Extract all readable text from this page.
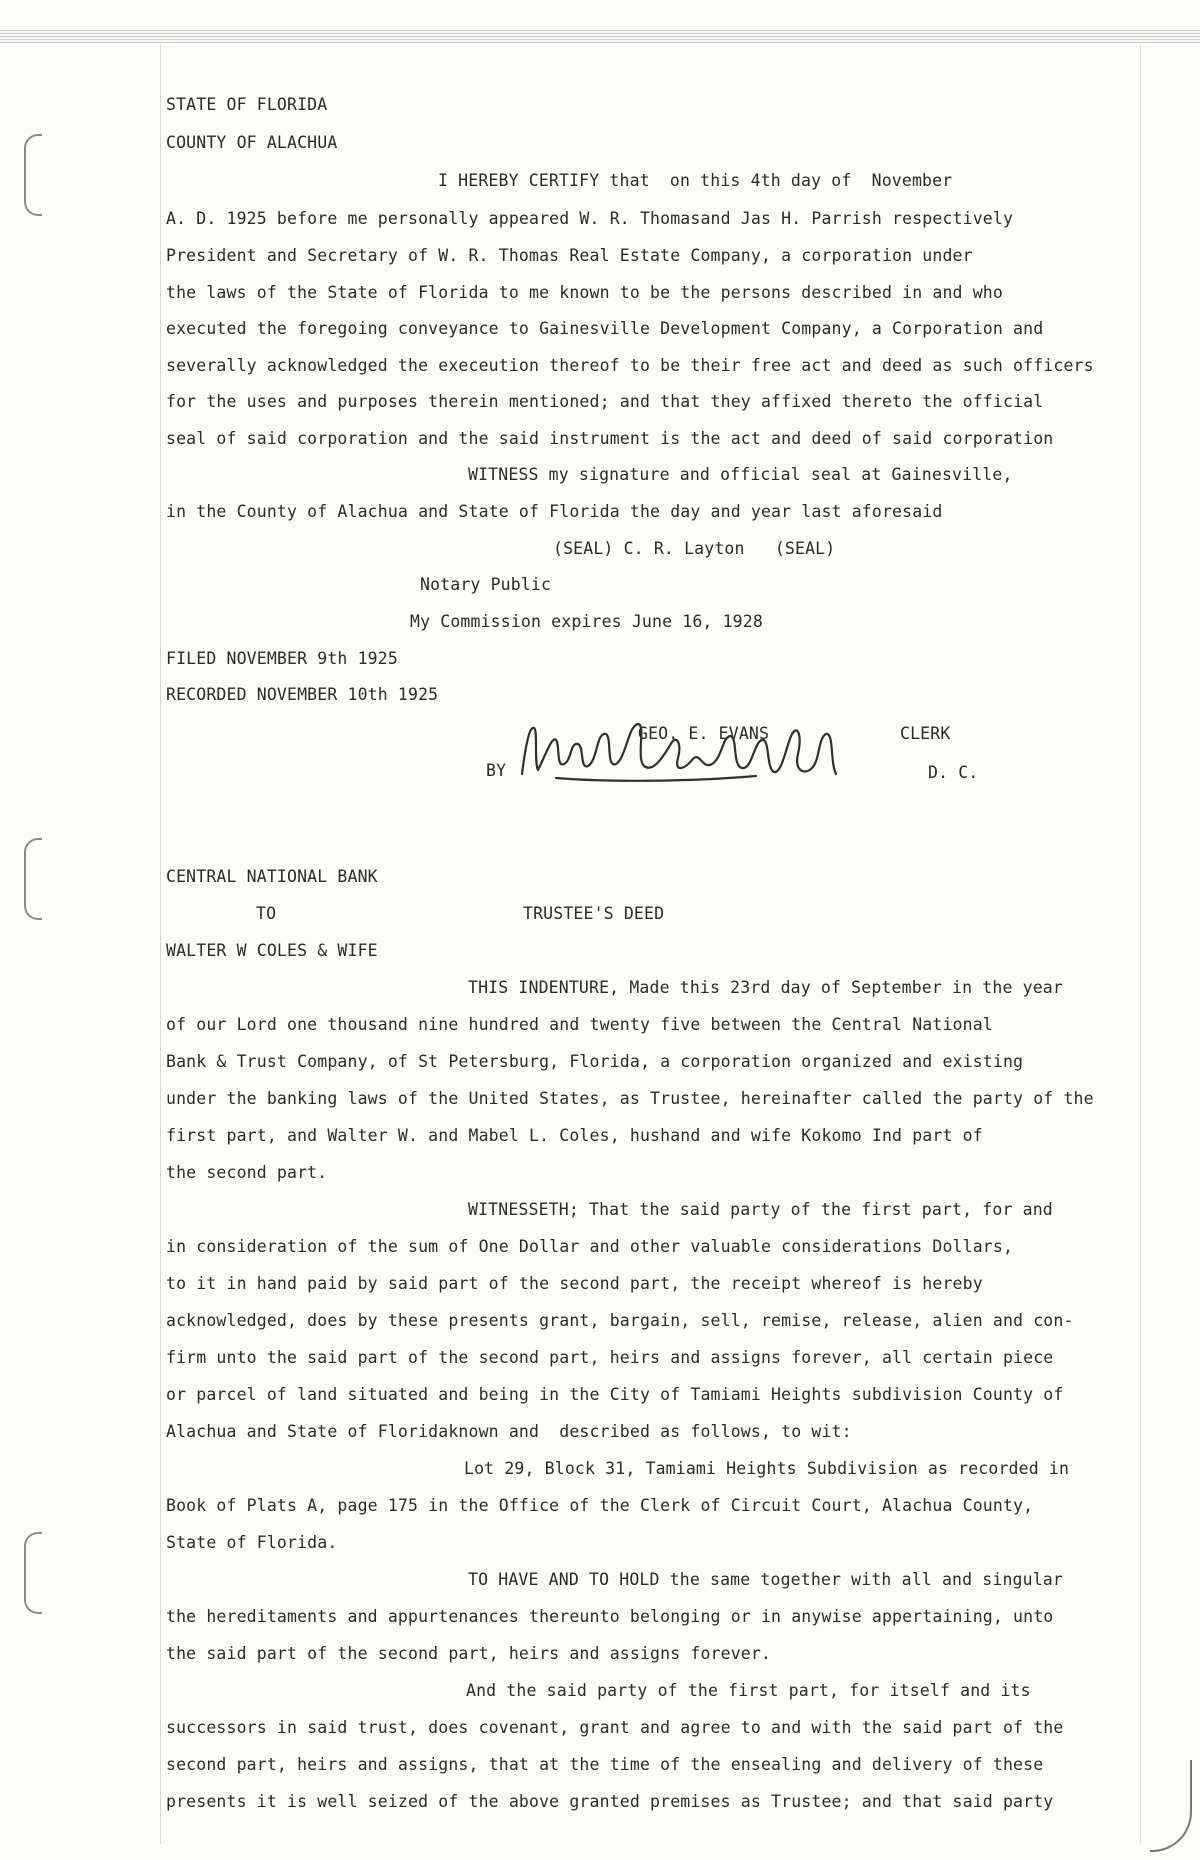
STATE OF FLORIDA
COUNTY OF ALACHUA
I HEREBY CERTIFY that  on this 4th day of  November
A. D. 1925 before me personally appeared W. R. Thomasand Jas H. Parrish respectively
President and Secretary of W. R. Thomas Real Estate Company, a corporation under
the laws of the State of Florida to me known to be the persons described in and who
executed the foregoing conveyance to Gainesville Development Company, a Corporation and
severally acknowledged the execeution thereof to be their free act and deed as such officers
for the uses and purposes therein mentioned; and that they affixed thereto the official
seal of said corporation and the said instrument is the act and deed of said corporation
WITNESS my signature and official seal at Gainesville,
in the County of Alachua and State of Florida the day and year last aforesaid
(SEAL) C. R. Layton   (SEAL)
Notary Public
My Commission expires June 16, 1928
FILED NOVEMBER 9th 1925
RECORDED NOVEMBER 10th 1925
GEO. E. EVANS	CLERK
BY	D. C.
CENTRAL NATIONAL BANK
TO	TRUSTEE'S DEED
WALTER W COLES & WIFE
THIS INDENTURE, Made this 23rd day of September in the year
of our Lord one thousand nine hundred and twenty five between the Central National
Bank & Trust Company, of St Petersburg, Florida, a corporation organized and existing
under the banking laws of the United States, as Trustee, hereinafter called the party of the
first part, and Walter W. and Mabel L. Coles, hushand and wife Kokomo Ind part of
the second part.
WITNESSETH; That the said party of the first part, for and
in consideration of the sum of One Dollar and other valuable considerations Dollars,
to it in hand paid by said part of the second part, the receipt whereof is hereby
acknowledged, does by these presents grant, bargain, sell, remise, release, alien and con-
firm unto the said part of the second part, heirs and assigns forever, all certain piece
or parcel of land situated and being in the City of Tamiami Heights subdivision County of
Alachua and State of Floridaknown and  described as follows, to wit:
Lot 29, Block 31, Tamiami Heights Subdivision as recorded in
Book of Plats A, page 175 in the Office of the Clerk of Circuit Court, Alachua County,
State of Florida.
TO HAVE AND TO HOLD the same together with all and singular
the hereditaments and appurtenances thereunto belonging or in anywise appertaining, unto
the said part of the second part, heirs and assigns forever.
And the said party of the first part, for itself and its
successors in said trust, does covenant, grant and agree to and with the said part of the
second part, heirs and assigns, that at the time of the ensealing and delivery of these
presents it is well seized of the above granted premises as Trustee; and that said party
